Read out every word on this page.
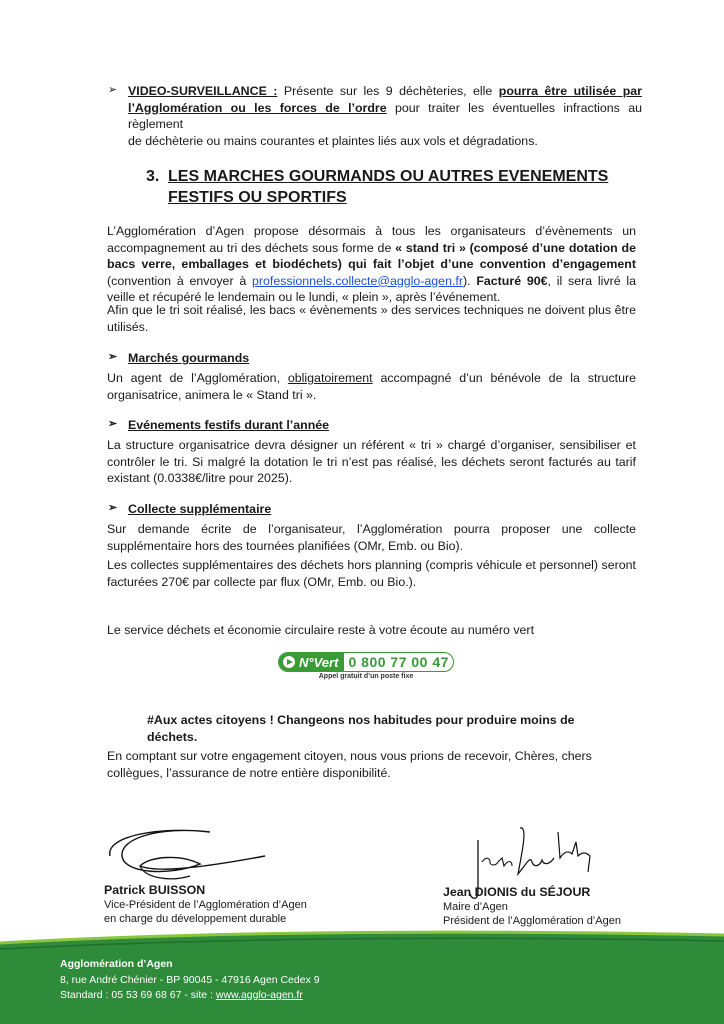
➢ VIDEO-SURVEILLANCE : Présente sur les 9 déchèteries, elle pourra être utilisée par
l’Agglomération ou les forces de l’ordre pour traiter les éventuelles infractions au règlement
de déchèterie ou mains courantes et plaintes liés aux vols et dégradations.
3. LES MARCHES GOURMANDS OU AUTRES EVENEMENTS FESTIFS OU SPORTIFS
L’Agglomération d’Agen propose désormais à tous les organisateurs d’évènements un accompagnement au tri des déchets sous forme de « stand tri » (composé d’une dotation de bacs verre, emballages et biodéchets) qui fait l’objet d’une convention d’engagement (convention à envoyer à professionnels.collecte@agglo-agen.fr). Facturé 90€, il sera livré la veille et récupéré le lendemain ou le lundi, « plein », après l’événement.
Afin que le tri soit réalisé, les bacs « évènements » des services techniques ne doivent plus être utilisés.
➢ Marchés gourmands
Un agent de l’Agglomération, obligatoirement accompagné d’un bénévole de la structure organisatrice, animera le « Stand tri ».
➢ Evénements festifs durant l’année
La structure organisatrice devra désigner un référent « tri » chargé d’organiser, sensibiliser et contrôler le tri. Si malgré la dotation le tri n’est pas réalisé, les déchets seront facturés au tarif existant (0.0338€/litre pour 2025).
➢ Collecte supplémentaire
Sur demande écrite de l’organisateur, l’Agglomération pourra proposer une collecte supplémentaire hors des tournées planifiées (OMr, Emb. ou Bio).
Les collectes supplémentaires des déchets hors planning (compris véhicule et personnel) seront facturées 270€ par collecte par flux (OMr, Emb. ou Bio.).
Le service déchets et économie circulaire reste à votre écoute au numéro vert
N°Vert 0 800 77 00 47
Appel gratuit d’un poste fixe
#Aux actes citoyens ! Changeons nos habitudes pour produire moins de déchets.
En comptant sur votre engagement citoyen, nous vous prions de recevoir, Chères, chers collègues, l’assurance de notre entière disponibilité.
Patrick BUISSON
Vice-Président de l’Agglomération d’Agen
en charge du développement durable
Jean DIONIS du SÉJOUR
Maire d’Agen
Président de l’Agglomération d’Agen
Agglomération d’Agen
8, rue André Chénier - BP 90045 - 47916 Agen Cedex 9
Standard : 05 53 69 68 67 - site : www.agglo-agen.fr
